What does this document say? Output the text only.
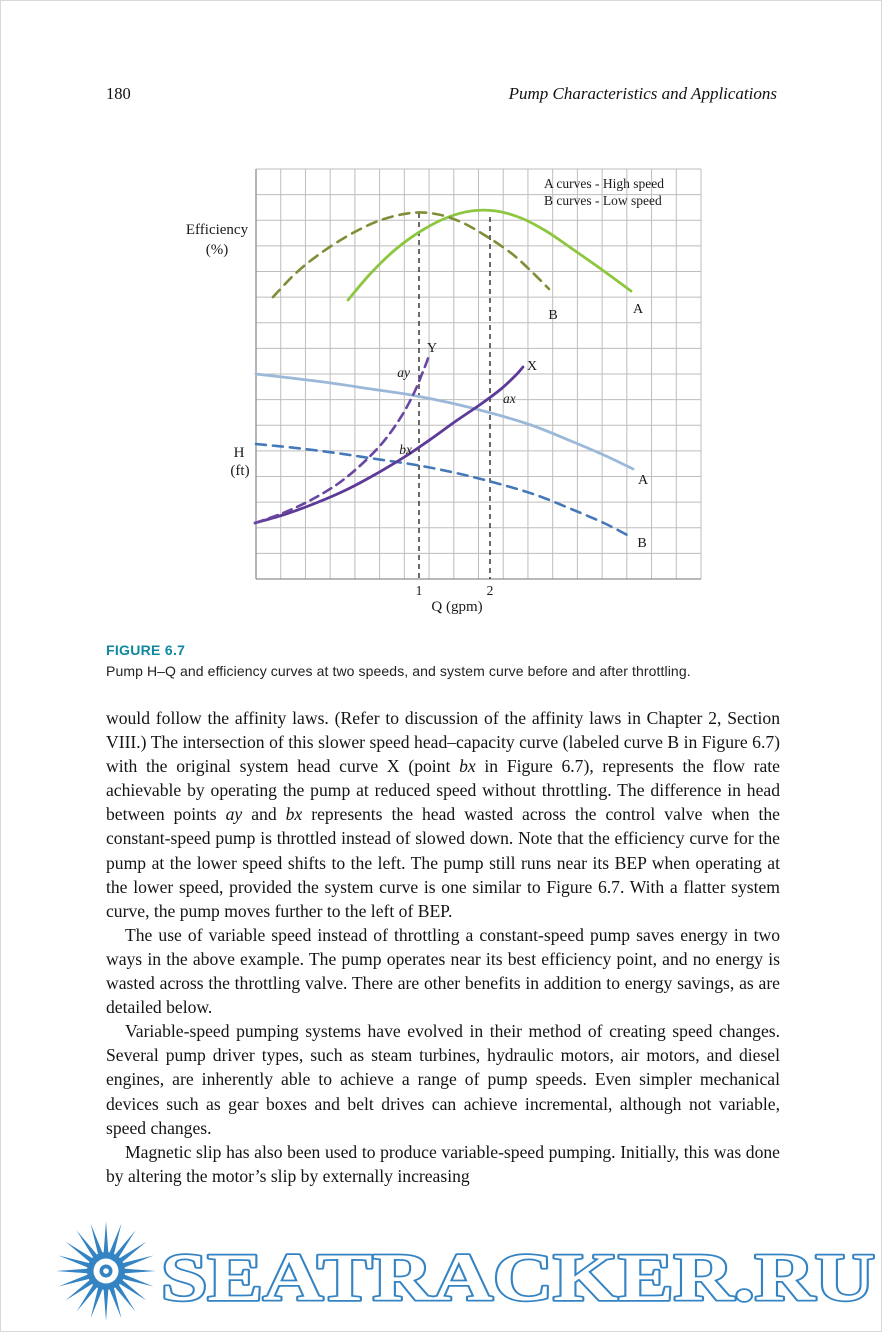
180	Pump Characteristics and Applications
A curves - High speed
B curves - Low speed
Efficiency
(%)
H
(ft)
Q (gpm)
1	2
Y
X
ay
ax
bx
B	A
A
B
FIGURE 6.7
Pump H–Q and efficiency curves at two speeds, and system curve before and after throttling.

would follow the affinity laws. (Refer to discussion of the affinity laws in Chapter 2, Section VIII.) The intersection of this slower speed head–capacity curve (labeled curve B in Figure 6.7) with the original system head curve X (point bx in Figure 6.7), represents the flow rate achievable by operating the pump at reduced speed without throttling. The difference in head between points ay and bx represents the head wasted across the control valve when the constant-speed pump is throttled instead of slowed down. Note that the efficiency curve for the pump at the lower speed shifts to the left. The pump still runs near its BEP when operating at the lower speed, provided the system curve is one similar to Figure 6.7. With a flatter system curve, the pump moves further to the left of BEP.

The use of variable speed instead of throttling a constant-speed pump saves energy in two ways in the above example. The pump operates near its best efficiency point, and no energy is wasted across the throttling valve. There are other benefits in addition to energy savings, as are detailed below.

Variable-speed pumping systems have evolved in their method of creating speed changes. Several pump driver types, such as steam turbines, hydraulic motors, air motors, and diesel engines, are inherently able to achieve a range of pump speeds. Even simpler mechanical devices such as gear boxes and belt drives can achieve incremental, although not variable, speed changes.

Magnetic slip has also been used to produce variable-speed pumping. Initially, this was done by altering the motor’s slip by externally increasing

SEATRACKER.RU
